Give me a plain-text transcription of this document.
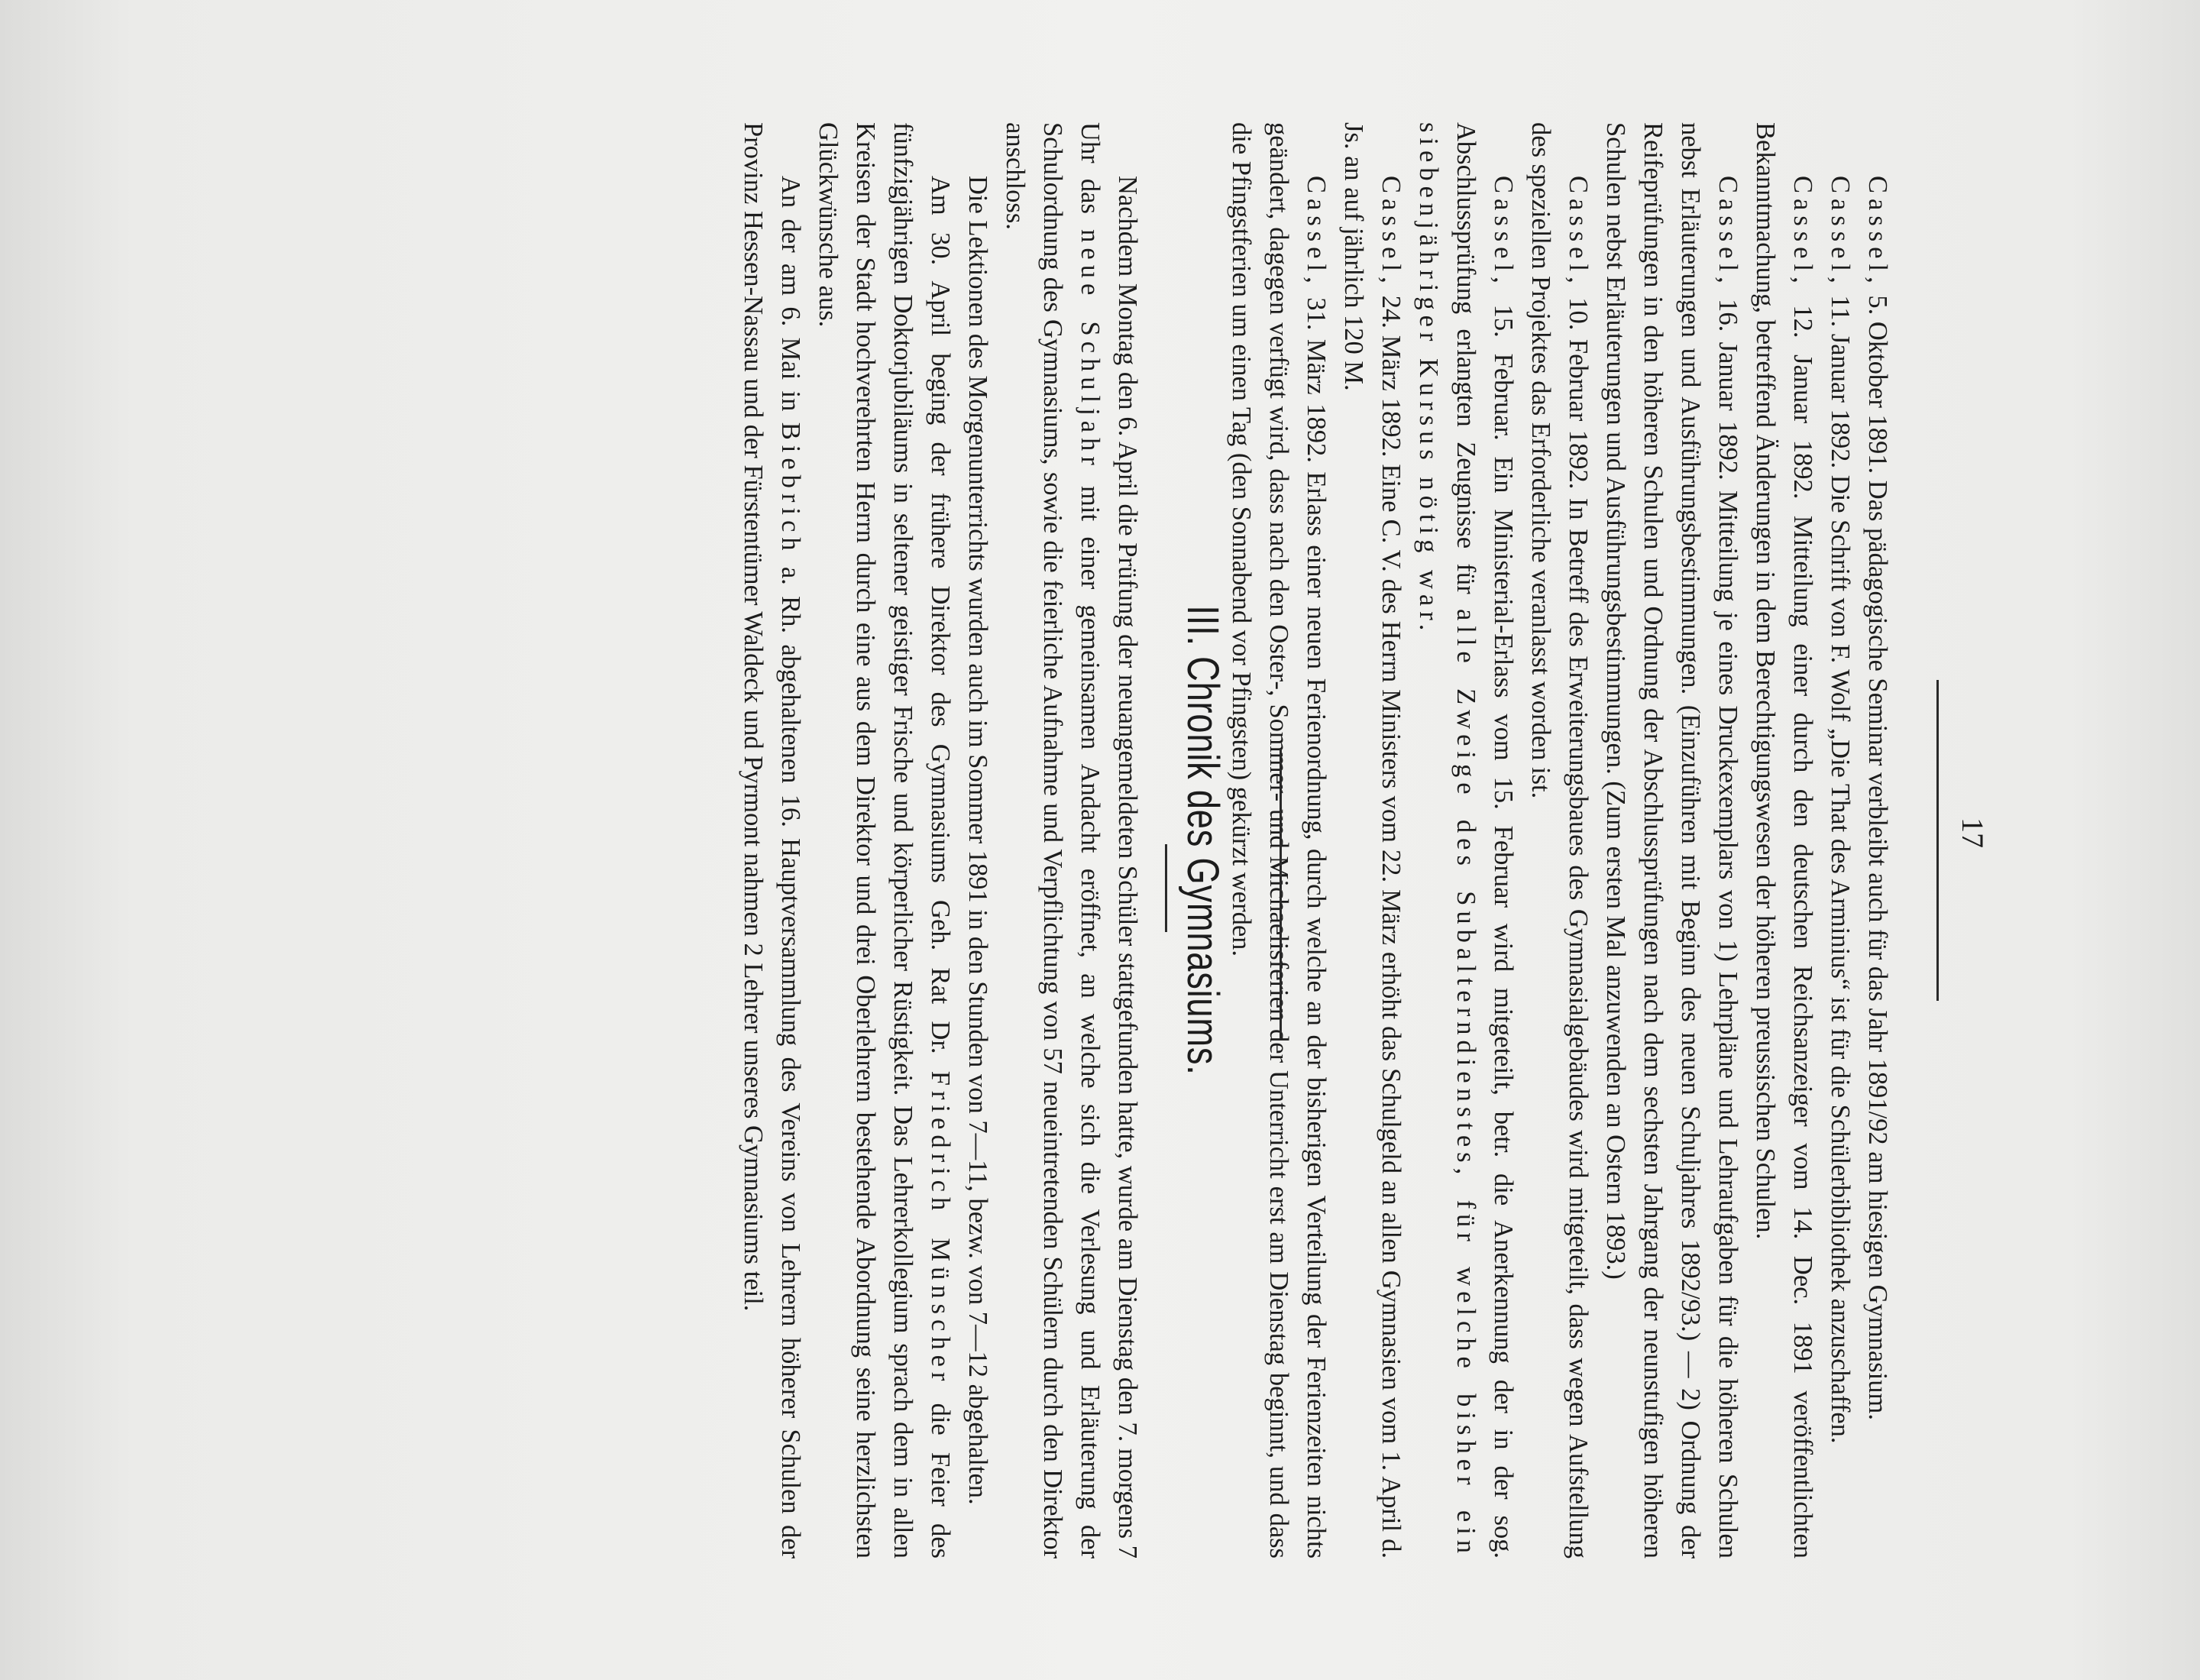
17

Cassel, 5. Oktober 1891. Das pädagogische Seminar verbleibt auch für das Jahr 1891/92 am hiesigen Gymnasium.

Cassel, 11. Januar 1892. Die Schrift von F. Wolf „Die That des Arminius“ ist für die Schülerbibliothek anzuschaffen.

Cassel, 12. Januar 1892. Mitteilung einer durch den deutschen Reichsanzeiger vom 14. Dec. 1891 veröffentlichten Bekanntmachung, betreffend Änderungen in dem Berechtigungswesen der höheren preussischen Schulen.

Cassel, 16. Januar 1892. Mitteilung je eines Druckexemplars von 1) Lehrpläne und Lehraufgaben für die höheren Schulen nebst Erläuterungen und Ausführungsbestimmungen. (Einzuführen mit Beginn des neuen Schuljahres 1892/93.) — 2) Ordnung der Reifeprüfungen in den höheren Schulen und Ordnung der Abschlussprüfungen nach dem sechsten Jahrgang der neunstufigen höheren Schulen nebst Erläuterungen und Ausführungsbestimmungen. (Zum ersten Mal anzuwenden an Ostern 1893.)

Cassel, 10. Februar 1892. In Betreff des Erweiterungsbaues des Gymnasialgebäudes wird mitgeteilt, dass wegen Aufstellung des speziellen Projektes das Erforderliche veranlasst worden ist.

Cassel, 15. Februar. Ein Ministerial-Erlass vom 15. Februar wird mitgeteilt, betr. die Anerkennung der in der sog. Abschlussprüfung erlangten Zeugnisse für alle Zweige des Subalterndienstes, für welche bisher ein siebenjähriger Kursus nötig war.

Cassel, 24. März 1892. Eine C. V. des Herrn Ministers vom 22. März erhöht das Schulgeld an allen Gymnasien vom 1. April d. Js. an auf jährlich 120 M.

Cassel, 31. März 1892. Erlass einer neuen Ferienordnung, durch welche an der bisherigen Verteilung der Ferienzeiten nichts geändert, dagegen verfügt wird, dass nach den Oster-, Sommer- und Michaelisferien der Unterricht erst am Dienstag beginnt, und dass die Pfingstferien um einen Tag (den Sonnabend vor Pfingsten) gekürzt werden.

III. Chronik des Gymnasiums.

Nachdem Montag den 6. April die Prüfung der neuangemeldeten Schüler stattgefunden hatte, wurde am Dienstag den 7. morgens 7 Uhr das neue Schuljahr mit einer gemeinsamen Andacht eröffnet, an welche sich die Verlesung und Erläuterung der Schulordnung des Gymnasiums, sowie die feierliche Aufnahme und Verpflichtung von 57 neueintretenden Schülern durch den Direktor anschloss.

Die Lektionen des Morgenunterrichts wurden auch im Sommer 1891 in den Stunden von 7—11, bezw. von 7—12 abgehalten.

Am 30. April beging der frühere Direktor des Gymnasiums Geh. Rat Dr. Friedrich Münscher die Feier des fünfzigjährigen Doktorjubiläums in seltener geistiger Frische und körperlicher Rüstigkeit. Das Lehrerkollegium sprach dem in allen Kreisen der Stadt hochverehrten Herrn durch eine aus dem Direktor und drei Oberlehrern bestehende Abordnung seine herzlichsten Glückwünsche aus.

An der am 6. Mai in Biebrich a. Rh. abgehaltenen 16. Hauptversammlung des Vereins von Lehrern höherer Schulen der Provinz Hessen-Nassau und der Fürstentümer Waldeck und Pyrmont nahmen 2 Lehrer unseres Gymnasiums teil.
